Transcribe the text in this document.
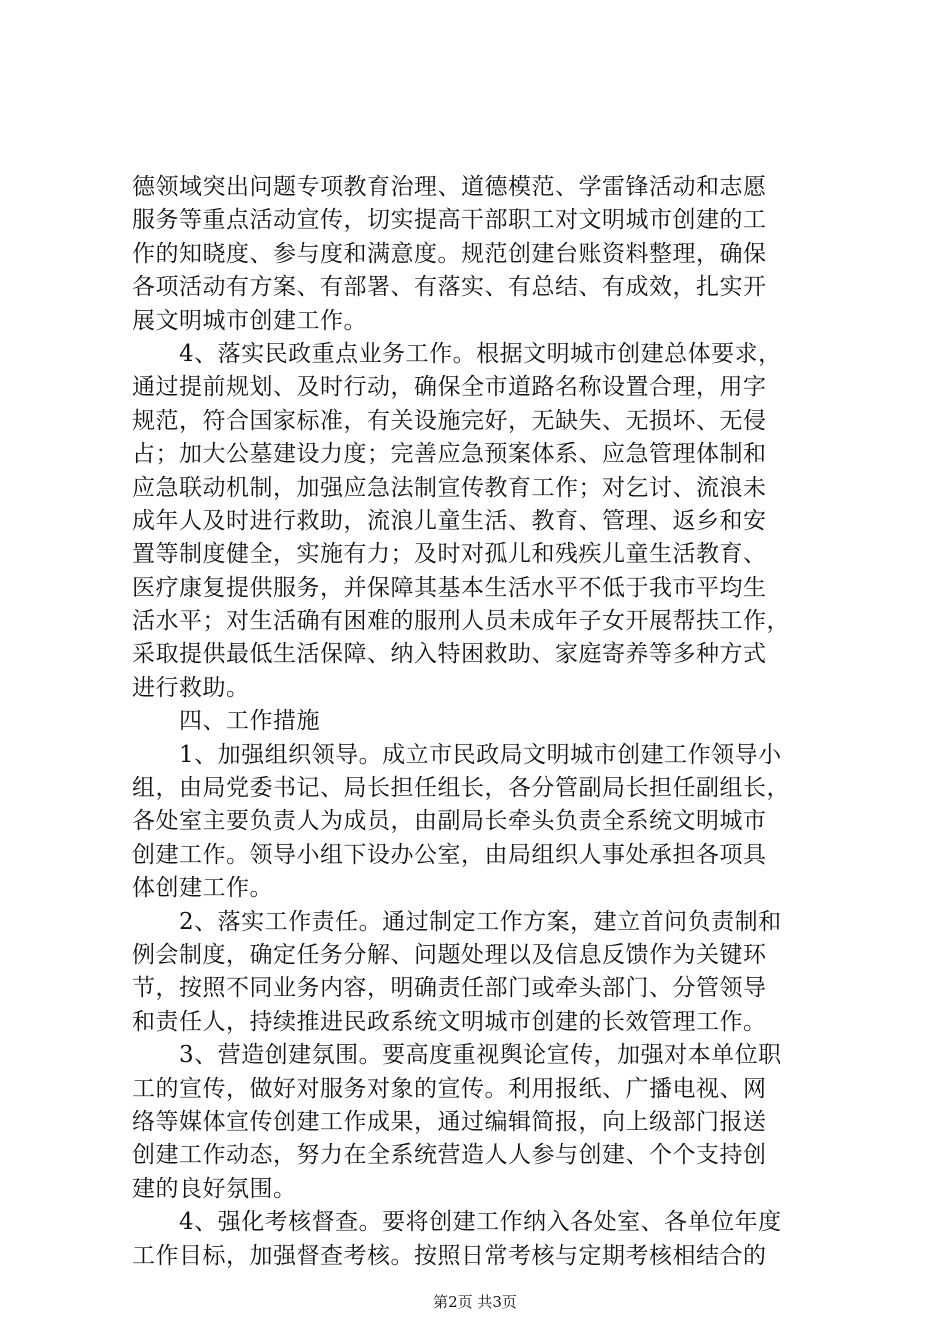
德领域突出问题专项教育治理、道德模范、学雷锋活动和志愿
服务等重点活动宣传，切实提高干部职工对文明城市创建的工
作的知晓度、参与度和满意度。规范创建台账资料整理，确保
各项活动有方案、有部署、有落实、有总结、有成效，扎实开
展文明城市创建工作。
　　4、落实民政重点业务工作。根据文明城市创建总体要求，
通过提前规划、及时行动，确保全市道路名称设置合理，用字
规范，符合国家标准，有关设施完好，无缺失、无损坏、无侵
占；加大公墓建设力度；完善应急预案体系、应急管理体制和
应急联动机制，加强应急法制宣传教育工作；对乞讨、流浪未
成年人及时进行救助，流浪儿童生活、教育、管理、返乡和安
置等制度健全，实施有力；及时对孤儿和残疾儿童生活教育、
医疗康复提供服务，并保障其基本生活水平不低于我市平均生
活水平；对生活确有困难的服刑人员未成年子女开展帮扶工作，
采取提供最低生活保障、纳入特困救助、家庭寄养等多种方式
进行救助。
　　四、工作措施
　　1、加强组织领导。成立市民政局文明城市创建工作领导小
组，由局党委书记、局长担任组长，各分管副局长担任副组长，
各处室主要负责人为成员，由副局长牵头负责全系统文明城市
创建工作。领导小组下设办公室，由局组织人事处承担各项具
体创建工作。
　　2、落实工作责任。通过制定工作方案，建立首问负责制和
例会制度，确定任务分解、问题处理以及信息反馈作为关键环
节，按照不同业务内容，明确责任部门或牵头部门、分管领导
和责任人，持续推进民政系统文明城市创建的长效管理工作。
　　3、营造创建氛围。要高度重视舆论宣传，加强对本单位职
工的宣传，做好对服务对象的宣传。利用报纸、广播电视、网
络等媒体宣传创建工作成果，通过编辑简报，向上级部门报送
创建工作动态，努力在全系统营造人人参与创建、个个支持创
建的良好氛围。
　　4、强化考核督查。要将创建工作纳入各处室、各单位年度
工作目标，加强督查考核。按照日常考核与定期考核相结合的
第2页 共3页
